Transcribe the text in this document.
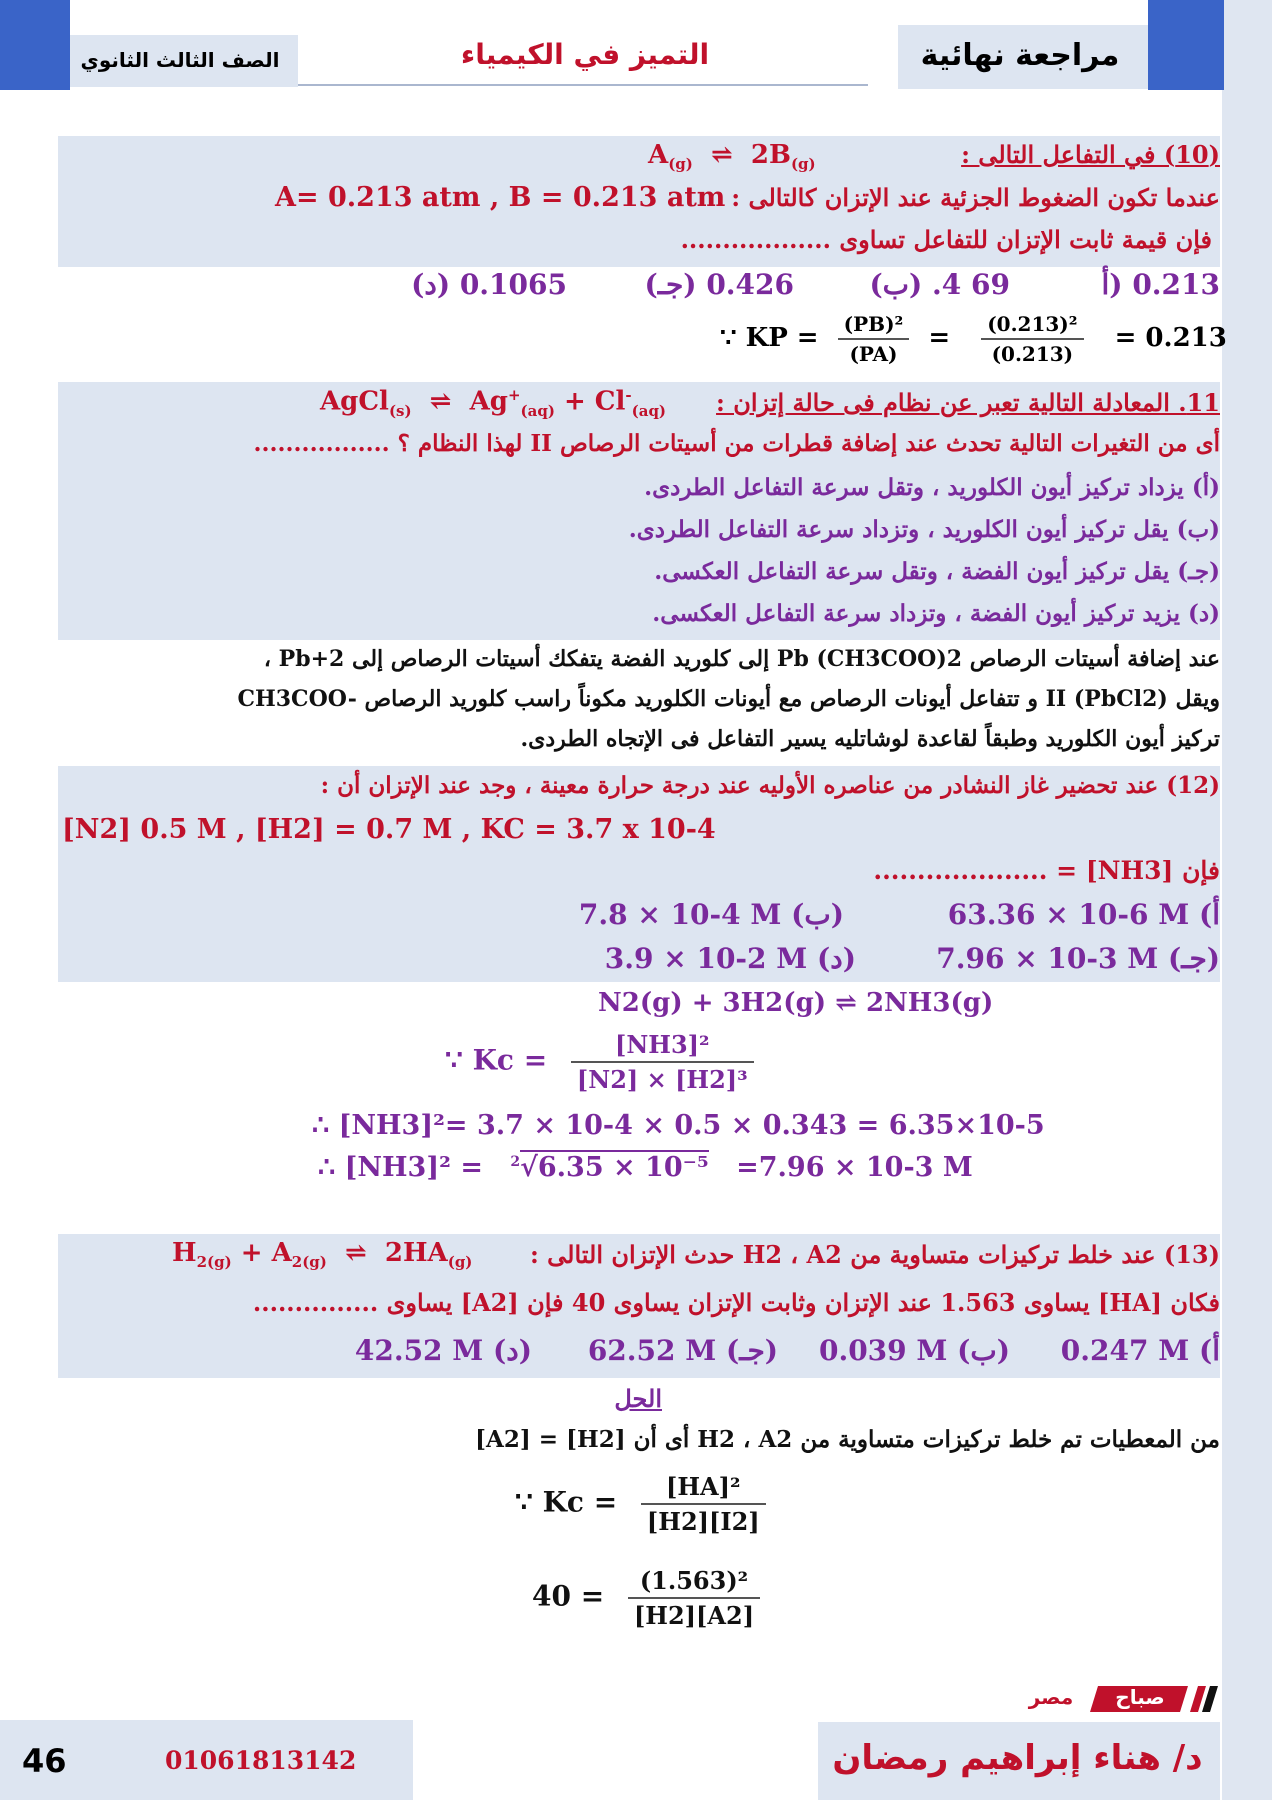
الصف الثالث الثانوي	التميز في الكيمياء	مراجعة نهائية
(10) في التفاعل التالى :
$A_{(g)}$  ⇌  $2B_{(g)}$
عندما تكون الضغوط الجزئية عند الإتزان كالتالى :
A= 0.213 atm , B = 0.213 atm
فإن قيمة ثابت الإتزان للتفاعل تساوى ..................
0.213 (أ
69 4. (ب)
0.426 (جـ)
0.1065 (د)
∵ KP = $\frac{\text{(PB)²}}{(PA)} = \frac{\text{(0.213)²}}{(0.213)} = 0.213$
11. المعادلة التالية تعبر عن نظام فى حالة إتزان :
AgCl$_{(s)}$  ⇌  $Ag^+_{(aq)} + Cl^-_{(aq)}$
أى من التغيرات التالية تحدث عند إضافة قطرات من أسيتات الرصاص II لهذا النظام ؟ .................
(أ) يزداد تركيز أيون الكلوريد ، وتقل سرعة التفاعل الطردى.
(ب) يقل تركيز أيون الكلوريد ، وتزداد سرعة التفاعل الطردى.
(جـ) يقل تركيز أيون الفضة ، وتقل سرعة التفاعل العكسى.
(د) يزيد تركيز أيون الفضة ، وتزداد سرعة التفاعل العكسى.
عند إضافة أسيتات الرصاص Pb (CH3COO)2 إلى كلوريد الفضة يتفكك أسيتات الرصاص إلى Pb+2 ،
CH3COO- و تتفاعل أيونات الرصاص مع أيونات الكلوريد مكوناً راسب كلوريد الرصاص II (PbCl2) ويقل
تركيز أيون الكلوريد وطبقاً لقاعدة لوشاتليه يسير التفاعل فى الإتجاه الطردى.
(12) عند تحضير غاز النشادر من عناصره الأوليه عند درجة حرارة معينة ، وجد عند الإتزان أن :
[N2] 0.5 M , [H2] = 0.7 M , KC = 3.7 x 10-4
فإن [NH3] = ....................
63.36 × 10-6 M (أ
7.8 × 10-4 M (ب)
7.96 × 10-3 M (جـ)
3.9 × 10-2 M (د)
N2(g) + 3H2(g) ⇌ 2NH3(g)
∵ $Kc = \frac{\text{[NH3]²}}{\text{[N2] × [H2]³}}$
∴ [NH3]²= 3.7 × 10-4 × 0.5 × 0.343 = 6.35×10-5
∴ [NH3]² = $^2$√6.35 × 10⁻⁵ =7.96 × 10-3 M
(13) عند خلط تركيزات متساوية من H2 ، A2 حدث الإتزان التالى :
$H_{2(g)} + A_{2(g)}$  ⇌  $2HA_{(g)}$
فكان [HA] يساوى 1.563 عند الإتزان وثابت الإتزان يساوى 40 فإن [A2] يساوى ...............
0.247 M (أ
0.039 M (ب)
62.52 M (جـ)
42.52 M (د)
الحل
من المعطيات تم خلط تركيزات متساوية من H2 ، A2 أى أن [H2] = [A2]
∵ $Kc = \frac{\text{[HA]²}}{[H2][I2]}$
$40 = \frac{\text{(1.563)²}}{[H2][A2]}$
صباح
مصر
46	01061813142	د/ هناء إبراهيم رمضان
